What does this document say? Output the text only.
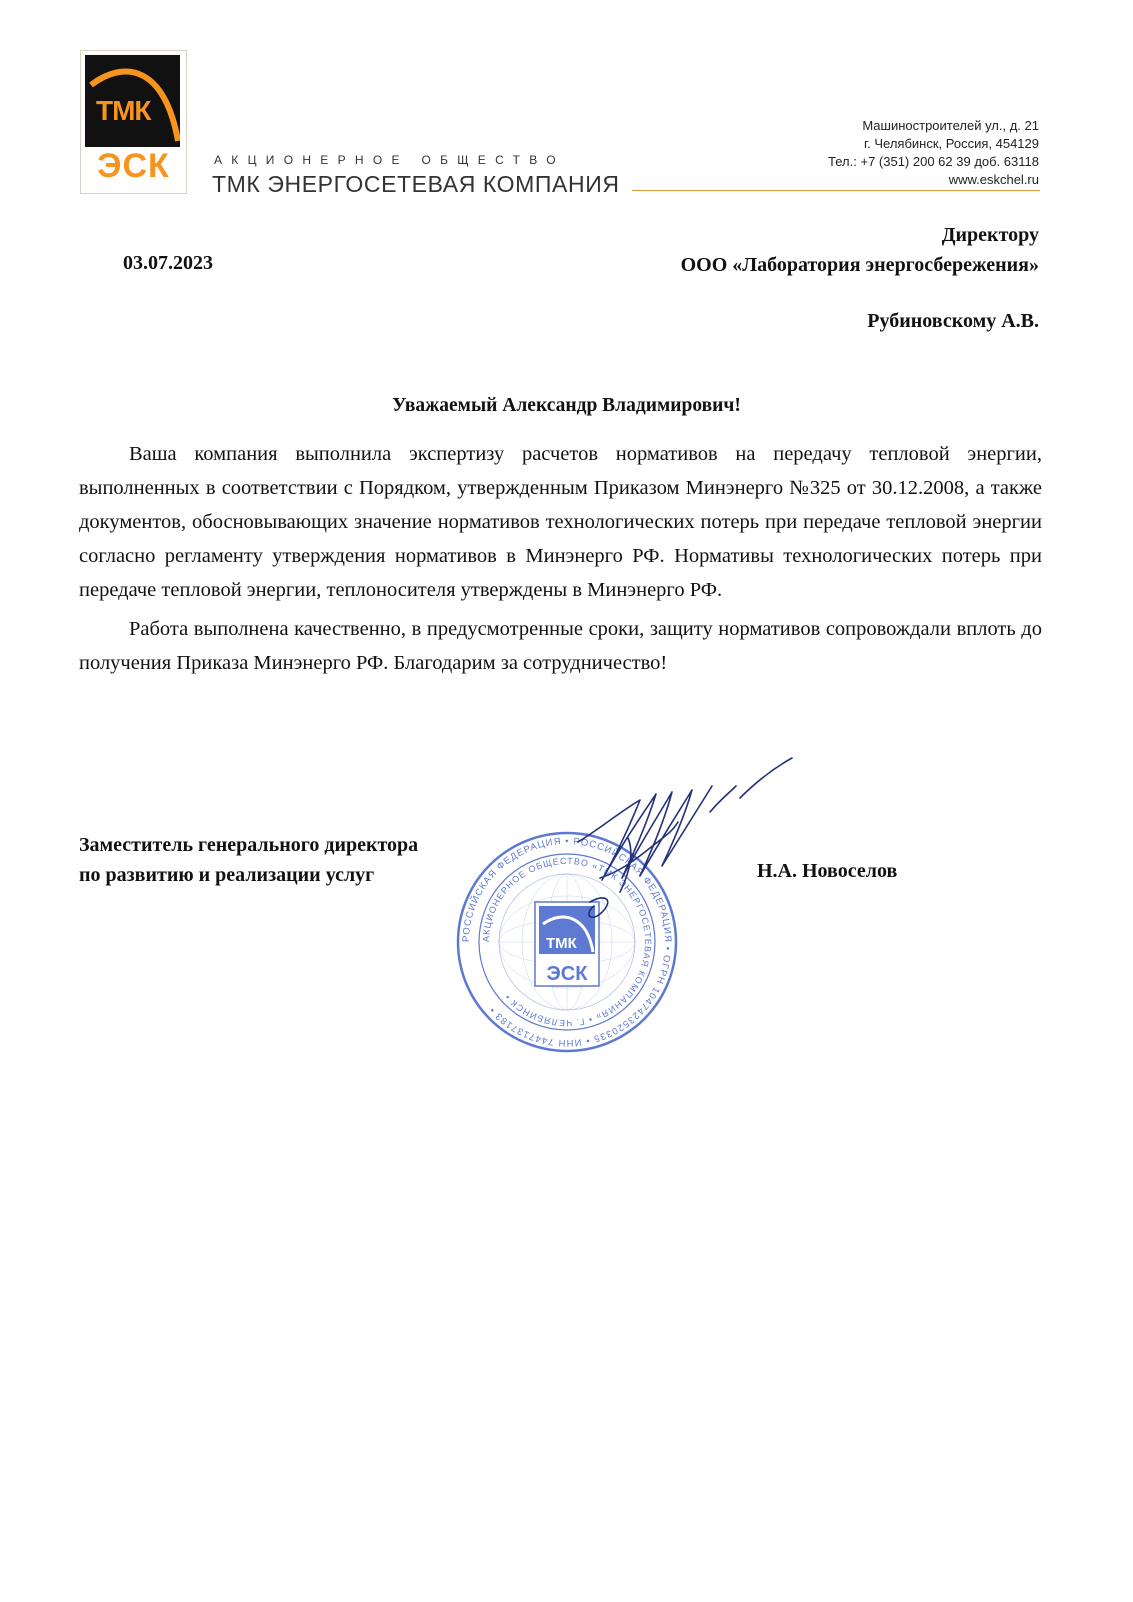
ТМК
ЭСК	АКЦИОНЕРНОЕ ОБЩЕСТВО
ТМК ЭНЕРГОСЕТЕВАЯ КОМПАНИЯ
Машиностроителей ул., д. 21
г. Челябинск, Россия, 454129
Тел.: +7 (351) 200 62 39 доб. 63118
www.eskchel.ru
03.07.2023
Директору
ООО «Лаборатория энергосбережения»
Рубиновскому А.В.
Уважаемый Александр Владимирович!

Ваша компания выполнила экспертизу расчетов нормативов на передачу тепловой энергии, выполненных в соответствии с Порядком, утвержденным Приказом Минэнерго №325 от 30.12.2008, а также документов, обосновывающих значение нормативов технологических потерь при передаче тепловой энергии согласно регламенту утверждения нормативов в Минэнерго РФ. Нормативы технологических потерь при передаче тепловой энергии, теплоносителя утверждены в Минэнерго РФ.

Работа выполнена качественно, в предусмотренные сроки, защиту нормативов сопровождали вплоть до получения Приказа Минэнерго РФ. Благодарим за сотрудничество!

Заместитель генерального директора
по развитию и реализации услуг	Н.А. Новоселов
РОССИЙСКАЯ ФЕДЕРАЦИЯ • РОССИЙСКАЯ ФЕДЕРАЦИЯ • ОГРН 1047423520335 • ИНН 7447137183 •
АКЦИОНЕРНОЕ ОБЩЕСТВО «ТМК ЭНЕРГОСЕТЕВАЯ КОМПАНИЯ» • Г. ЧЕЛЯБИНСК •
ТМК
ЭСК
